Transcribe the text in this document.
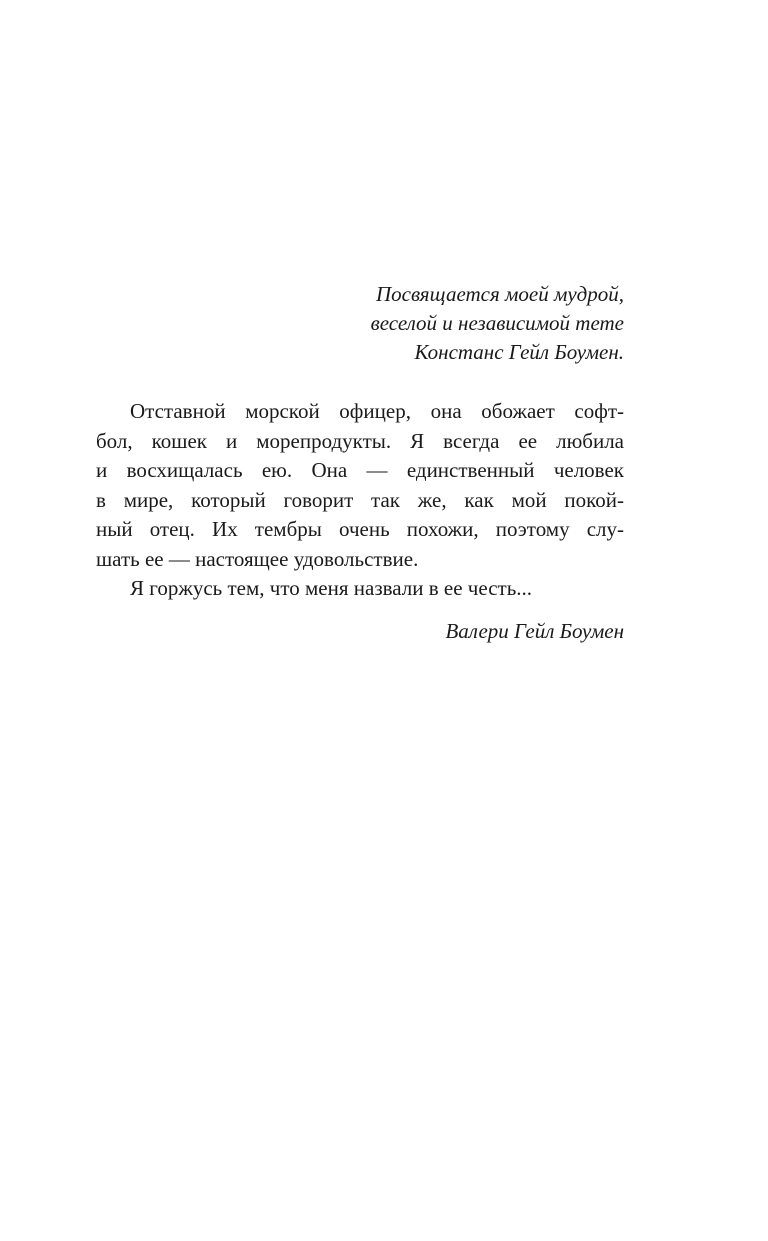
Посвящается моей мудрой,
веселой и независимой тете
Констанс Гейл Боумен.
Отставной морской офицер, она обожает софт-
бол, кошек и морепродукты. Я всегда ее любила
и восхищалась ею. Она — единственный человек
в мире, который говорит так же, как мой покой-
ный отец. Их тембры очень похожи, поэтому слу-
шать ее — настоящее удовольствие.
Я горжусь тем, что меня назвали в ее честь...
Валери Гейл Боумен
